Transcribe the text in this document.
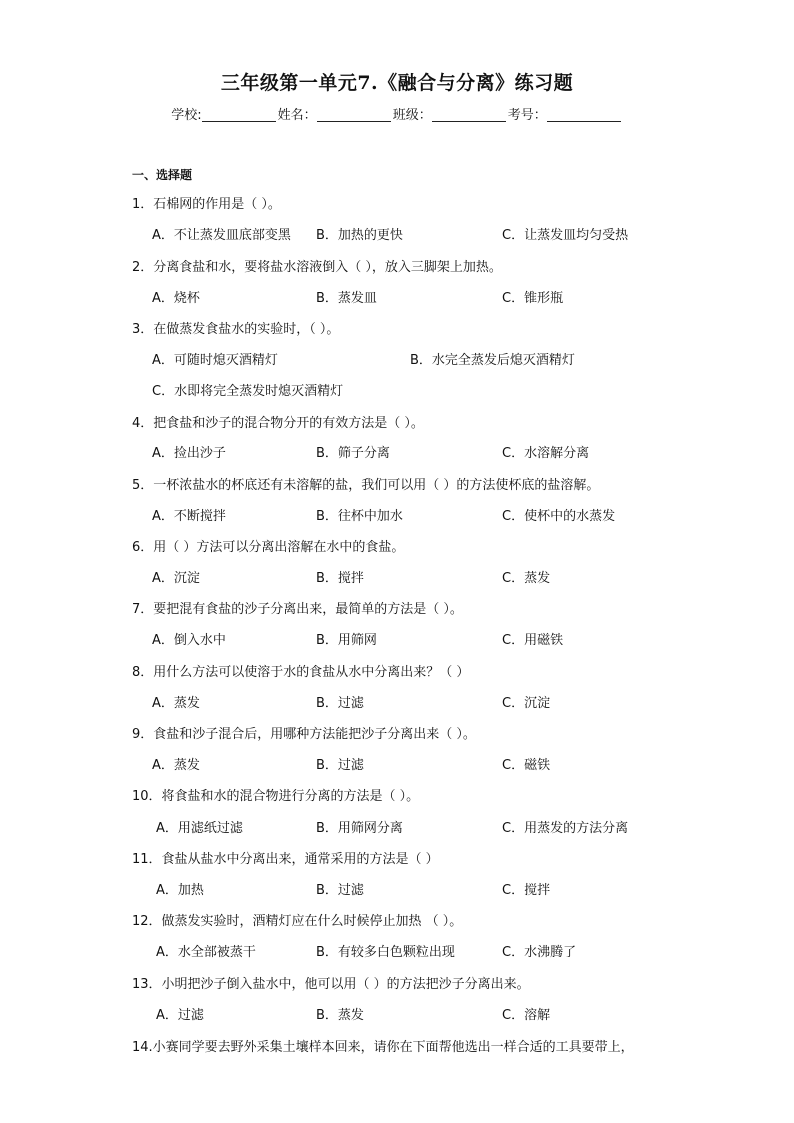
三年级第一单元7.《融合与分离》练习题
学校:	姓名：	班级：	考号：
一、选择题
1．石棉网的作用是（ ）。
A．不让蒸发皿底部变黑 B．加热的更快	C．让蒸发皿均匀受热
2．分离食盐和水，要将盐水溶液倒入（ ），放入三脚架上加热。
A．烧杯	B．蒸发皿	C．锥形瓶
3．在做蒸发食盐水的实验时，（ ）。
A．可随时熄灭酒精灯	B．水完全蒸发后熄灭酒精灯
C．水即将完全蒸发时熄灭酒精灯
4．把食盐和沙子的混合物分开的有效方法是（ ）。
A．捡出沙子	B．筛子分离	C．水溶解分离
5．一杯浓盐水的杯底还有未溶解的盐，我们可以用（ ）的方法使杯底的盐溶解。
A．不断搅拌	B．往杯中加水	C．使杯中的水蒸发
6．用（ ）方法可以分离出溶解在水中的食盐。
A．沉淀	B．搅拌	C．蒸发
7．要把混有食盐的沙子分离出来，最简单的方法是（ ）。
A．倒入水中	B．用筛网	C．用磁铁
8．用什么方法可以使溶于水的食盐从水中分离出来？（ ）
A．蒸发	B．过滤	C．沉淀
9．食盐和沙子混合后，用哪种方法能把沙子分离出来（ ）。
A．蒸发	B．过滤	C．磁铁
10．将食盐和水的混合物进行分离的方法是（ ）。
A．用滤纸过滤	B．用筛网分离	C．用蒸发的方法分离
11．食盐从盐水中分离出来，通常采用的方法是（ ）
A．加热	B．过滤	C．搅拌
12．做蒸发实验时，酒精灯应在什么时候停止加热 （ ）。
A．水全部被蒸干	B．有较多白色颗粒出现	C．水沸腾了
13．小明把沙子倒入盐水中，他可以用（ ）的方法把沙子分离出来。
A．过滤	B．蒸发	C．溶解
14.小赛同学要去野外采集土壤样本回来，请你在下面帮他选出一样合适的工具要带上，
